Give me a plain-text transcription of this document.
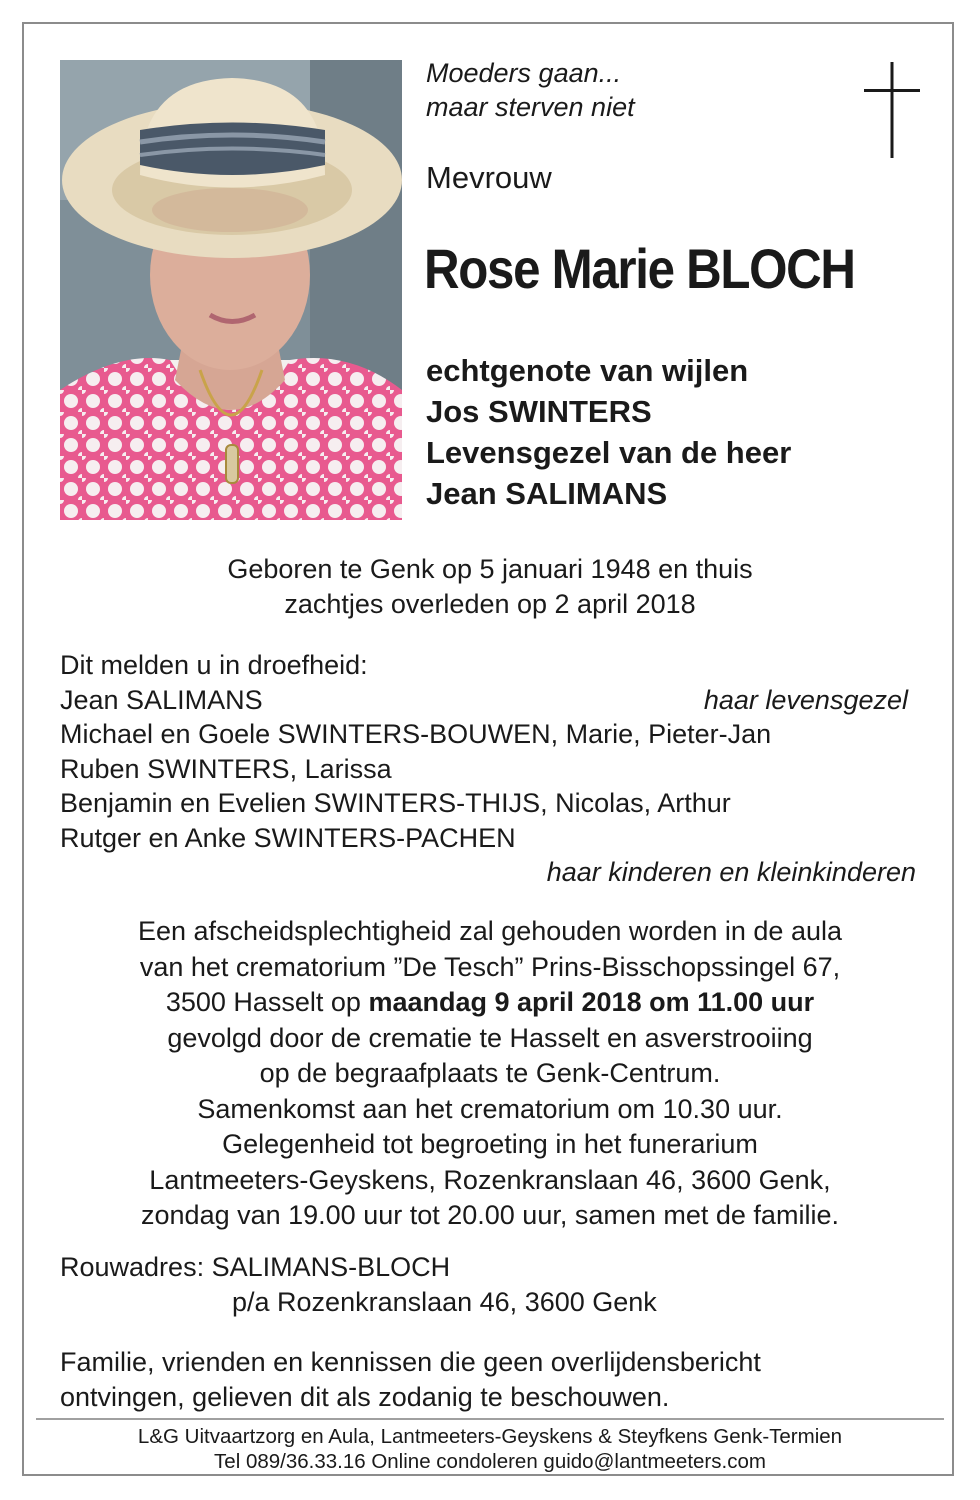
Moeders gaan...
maar sterven niet
Mevrouw
Rose Marie BLOCH
echtgenote van wijlen
Jos SWINTERS
Levensgezel van de heer
Jean SALIMANS
Geboren te Genk op 5 januari 1948 en thuis
zachtjes overleden op 2 april 2018
Dit melden u in droefheid:
Jean SALIMANS	haar levensgezel
Michael en Goele SWINTERS-BOUWEN, Marie, Pieter-Jan
Ruben SWINTERS, Larissa
Benjamin en Evelien SWINTERS-THIJS, Nicolas, Arthur
Rutger en Anke SWINTERS-PACHEN
haar kinderen en kleinkinderen
Een afscheidsplechtigheid zal gehouden worden in de aula
van het crematorium ”De Tesch” Prins-Bisschopssingel 67,
3500 Hasselt op maandag 9 april 2018 om 11.00 uur
gevolgd door de crematie te Hasselt en asverstrooiing
op de begraafplaats te Genk-Centrum.
Samenkomst aan het crematorium om 10.30 uur.
Gelegenheid tot begroeting in het funerarium
Lantmeeters-Geyskens, Rozenkranslaan 46, 3600 Genk,
zondag van 19.00 uur tot 20.00 uur, samen met de familie.
Rouwadres: SALIMANS-BLOCH
p/a Rozenkranslaan 46, 3600 Genk
Familie, vrienden en kennissen die geen overlijdensbericht
ontvingen, gelieven dit als zodanig te beschouwen.
L&G Uitvaartzorg en Aula, Lantmeeters-Geyskens & Steyfkens Genk-Termien
Tel 089/36.33.16 Online condoleren guido@lantmeeters.com
